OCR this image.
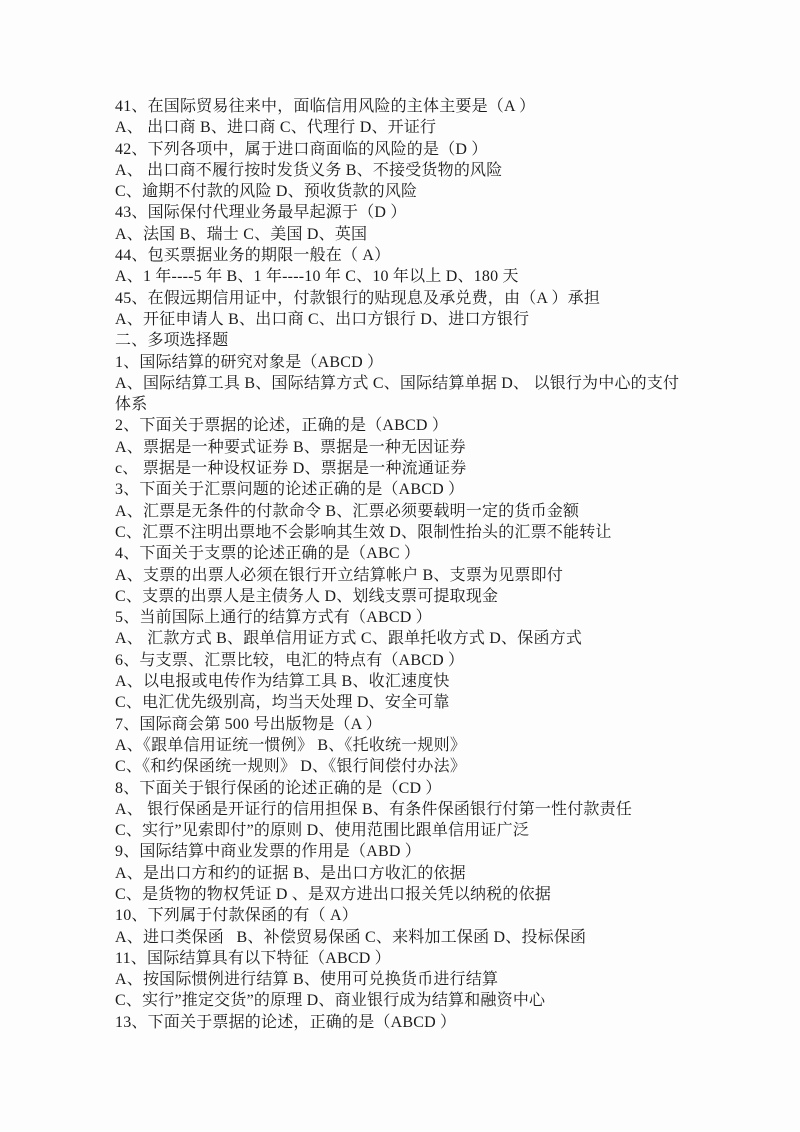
41、在国际贸易往来中，面临信用风险的主体主要是（A ）
A、 出口商 B、进口商 C、代理行 D、开证行
42、下列各项中，属于进口商面临的风险的是（D ）
A、 出口商不履行按时发货义务 B、不接受货物的风险
C、逾期不付款的风险 D、预收货款的风险
43、国际保付代理业务最早起源于（D ）
A、法国 B、瑞士 C、美国 D、英国
44、包买票据业务的期限一般在（ A）
A、1 年----5 年 B、1 年----10 年 C、10 年以上 D、180 天
45、在假远期信用证中，付款银行的贴现息及承兑费，由（A ）承担
A、开征申请人 B、出口商 C、出口方银行 D、进口方银行
二、多项选择题
1、国际结算的研究对象是（ABCD ）
A、国际结算工具 B、国际结算方式 C、国际结算单据 D、 以银行为中心的支付
体系
2、下面关于票据的论述，正确的是（ABCD ）
A、票据是一种要式证券 B、票据是一种无因证券
c、 票据是一种设权证券 D、票据是一种流通证券
3、下面关于汇票问题的论述正确的是（ABCD ）
A、汇票是无条件的付款命令 B、汇票必须要载明一定的货币金额
C、汇票不注明出票地不会影响其生效 D、限制性抬头的汇票不能转让
4、下面关于支票的论述正确的是（ABC ）
A、支票的出票人必须在银行开立结算帐户 B、支票为见票即付
C、支票的出票人是主债务人 D、划线支票可提取现金
5、当前国际上通行的结算方式有（ABCD ）
A、 汇款方式 B、跟单信用证方式 C、跟单托收方式 D、保函方式
6、与支票、汇票比较，电汇的特点有（ABCD ）
A、以电报或电传作为结算工具 B、收汇速度快
C、电汇优先级别高，均当天处理 D、安全可靠
7、国际商会第 500 号出版物是（A ）
A、《跟单信用证统一惯例》 B、《托收统一规则》
C、《和约保函统一规则》 D、《银行间偿付办法》
8、下面关于银行保函的论述正确的是（CD ）
A、 银行保函是开证行的信用担保 B、有条件保函银行付第一性付款责任
C、实行”见索即付”的原则 D、使用范围比跟单信用证广泛
9、国际结算中商业发票的作用是（ABD ）
A、是出口方和约的证据 B、是出口方收汇的依据
C、是货物的物权凭证 D 、是双方进出口报关凭以纳税的依据
10、下列属于付款保函的有（ A）
A、进口类保函   B、补偿贸易保函 C、来料加工保函 D、投标保函
11、国际结算具有以下特征（ABCD ）
A、按国际惯例进行结算 B、使用可兑换货币进行结算
C、实行”推定交货”的原理 D、商业银行成为结算和融资中心
13、下面关于票据的论述，正确的是（ABCD ）
